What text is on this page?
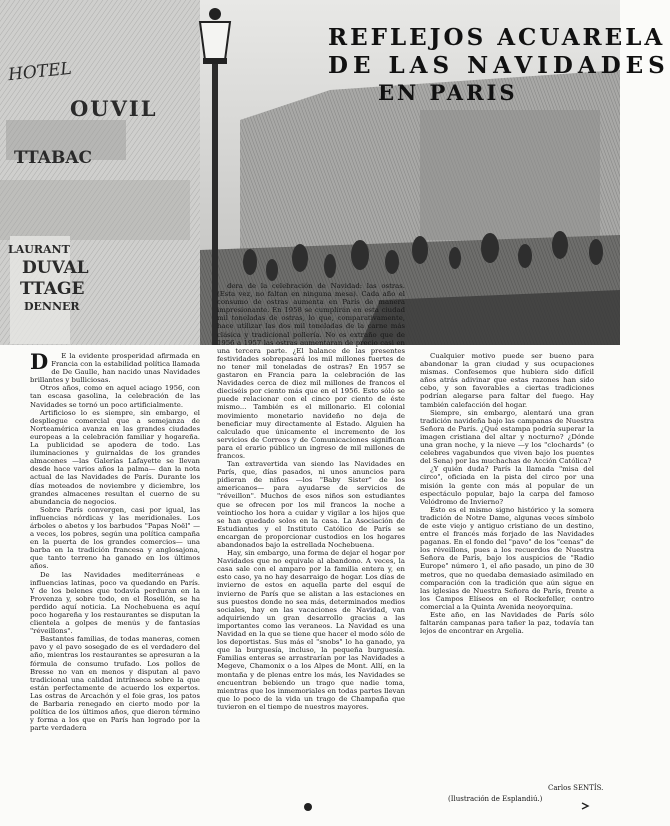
HOTEL
OUVIL
TTABAC
LAURANT
DUVAL
TTAGE
DENNER
REFLEJOS ACUARELA
DE LAS NAVIDADES
EN PARIS

D E la evidente prosperidad afirmada en Francia con la estabilidad política llamada de De Gaulle, han nacido unas Navidades brillantes y bulliciosas.

Otros años, como en aquel aciago 1956, con tan escasa gasolina, la celebración de las Navidades se tornó un poco artificialmente.

Artificioso lo es siempre, sin embargo, el despliegue comercial que a semejanza de Norteamérica avanza en las grandes ciudades europeas a la celebración familiar y hogareña. La publicidad se apodera de todo. Las iluminaciones y guirnaldas de los grandes almacenes —las Galerías Lafayette se llevan desde hace varios años la palma— dan la nota actual de las Navidades de París. Durante los días moteados de noviembre y diciembre, los grandes almacenes resultan el cuerno de su abundancia de negocios.

Sobre París convergen, casi por igual, las influencias nórdicas y las meridionales. Los árboles o abetos y los barbudos "Papas Noël" —a veces, los pobres, según una política campaña en la puerta de los grandes comercios— una barba en la tradición francesa y anglosajona, que tanto terreno ha ganado en los últimos años.

De las Navidades mediterráneas e influencias latinas, poco va quedando en París. Y de los belenes que todavía perduran en la Provenza y, sobre todo, en el Rosellón, se ha perdido aquí noticia. La Nochebuena es aquí poco hogareña y los restaurantes se disputan la clientela a golpes de menús y de fantasías "réveillons".

Bastantes familias, de todas maneras, comen pavo y el pavo sosegado de es el verdadero del año, mientras los restaurantes se apresuran a la fórmula de consumo trufado. Los pollos de Bresse no van en menos y disputan al pavo tradicional una calidad intrínseca sobre la que están perfectamente de acuerdo los expertos. Las ostras de Arcachón y el foie gras, los patos de Barbaria renegado en cierto modo por la política de los últimos años, que dieron término y forma a los que en París han logrado por la parte verdadera

dera de la celebración de Navidad: las ostras. (Esta vez, no faltan en ninguna mesa). Cada año el consumo de ostras aumenta en París de manera impresionante. En 1958 se cumplirán en esta ciudad mil toneladas de ostras, lo que, comparativamente, hace utilizar las dos mil toneladas de la carne más clásica y tradicional pollería. No es extraño que de 1956 a 1957 las ostras aumentaran de precio casi en una tercera parte. ¿El balance de las presentes festividades sobrepasará los mil millones fuertes de no tener mil toneladas de ostras? En 1957 se gastaron en Francia para la celebración de las Navidades cerca de diez mil millones de francos el dieciséis por ciento más que en el 1956. Esto sólo se puede relacionar con el cinco por ciento de éste mismo... También es el millonario. El colonial movimiento monetario navideño no deja de beneficiar muy directamente al Estado. Alguien ha calculado que únicamente el incremento de los servicios de Correos y de Comunicaciones significan para el erario público un ingreso de mil millones de francos.

Tan extravertida van siendo las Navidades en París, que, días pasados, ni unos anuncios para pidieran de niños —los "Baby Sister" de los americanos— para ayudarse de servicios de "réveillon". Muchos de esos niños son estudiantes que se ofrecen por los mil francos la noche a veintiocho los hora a cuidar y vigilar a los hijos que se han quedado solos en la casa. La Asociación de Estudiantes y el Instituto Católico de París se encargan de proporcionar custodios en los hogares abandonados bajo la estrellada Nochebuena.

Hay, sin embargo, una forma de dejar el hogar por Navidades que no equivale al abandono. A veces, la casa sale con el amparo por la familia entera y, en esto caso, ya no hay desarraigo de hogar. Los días de invierno de estos en aquella parte del esquí de invierno de París que se alistan a las estaciones en sus puestos donde no sea más, determinados medios sociales, hay en las vacaciones de Navidad, van adquiriendo un gran desarrollo gracias a las importantes como las veraneos. La Navidad es una Navidad en la que se tiene que hacer el modo sólo de los deportistas. Sus más el "snobs" lo ha ganado, ya que la burguesía, incluso, la pequeña burguesía. Familias enteras se arrastrarían por las Navidades a Megeve, Chamonix o a los Alpes de Mont. Allí, en la montaña y de plenas entre los más, les Navidades se encuentran bebiendo un trago que nadie toma, mientras que los inmemoriales en todas partes llevan que lo poco de la vida un trago de Champaña que tuvieron en el tiempo de nuestros mayores.

Cualquier motivo puede ser bueno para abandonar la gran ciudad y sus ocupaciones mismas. Confesemos que hubiera sido difícil años atrás adivinar que estas razones han sido cebo, y son favorables a ciertas tradiciones podrían alegarse para faltar del fuego. Hay también calefacción del hogar.

Siempre, sin embargo, alentará una gran tradición navideña bajo las campanas de Nuestra Señora de París. ¿Qué estampa podría superar la imagen cristiana del altar y nocturno? ¿Dónde una gran noche, y la nieve —y los "clochards" (o celebres vagabundos que viven bajo los puentes del Sena) por las muchachas de Acción Católica?

¿Y quién duda? París la llamada "misa del circo", oficiada en la pista del circo por una misión la gente con más al popular de un espectáculo popular, bajo la carpa del famoso Velódromo de Invierno?

Esto es el mismo signo histórico y la somera tradición de Notre Dame, algunas veces símbolo de este viejo y antiguo cristiano de un destino, entre el francés más forjado de las Navidades paganas. En el fondo del "pavo" de los "cenas" de los réveillons, pues a los recuerdos de Nuestra Señora de París, bajo los auspicios de "Radio Europe" número 1, el año pasado, un pino de 30 metros, que no quedaba demasiado asimilado en comparación con la tradición que aún sigue en las iglesias de Nuestra Señora de París, frente a los Campos Elíseos en el Rockefeller, centro comercial a la Quinta Avenida neoyorquina.

Este año, en las Navidades de París sólo faltarán campanas para tañer la paz, todavía tan lejos de encontrar en Argelia.

Carlos SENTÍS.
(Ilustración de Esplandiú.)
